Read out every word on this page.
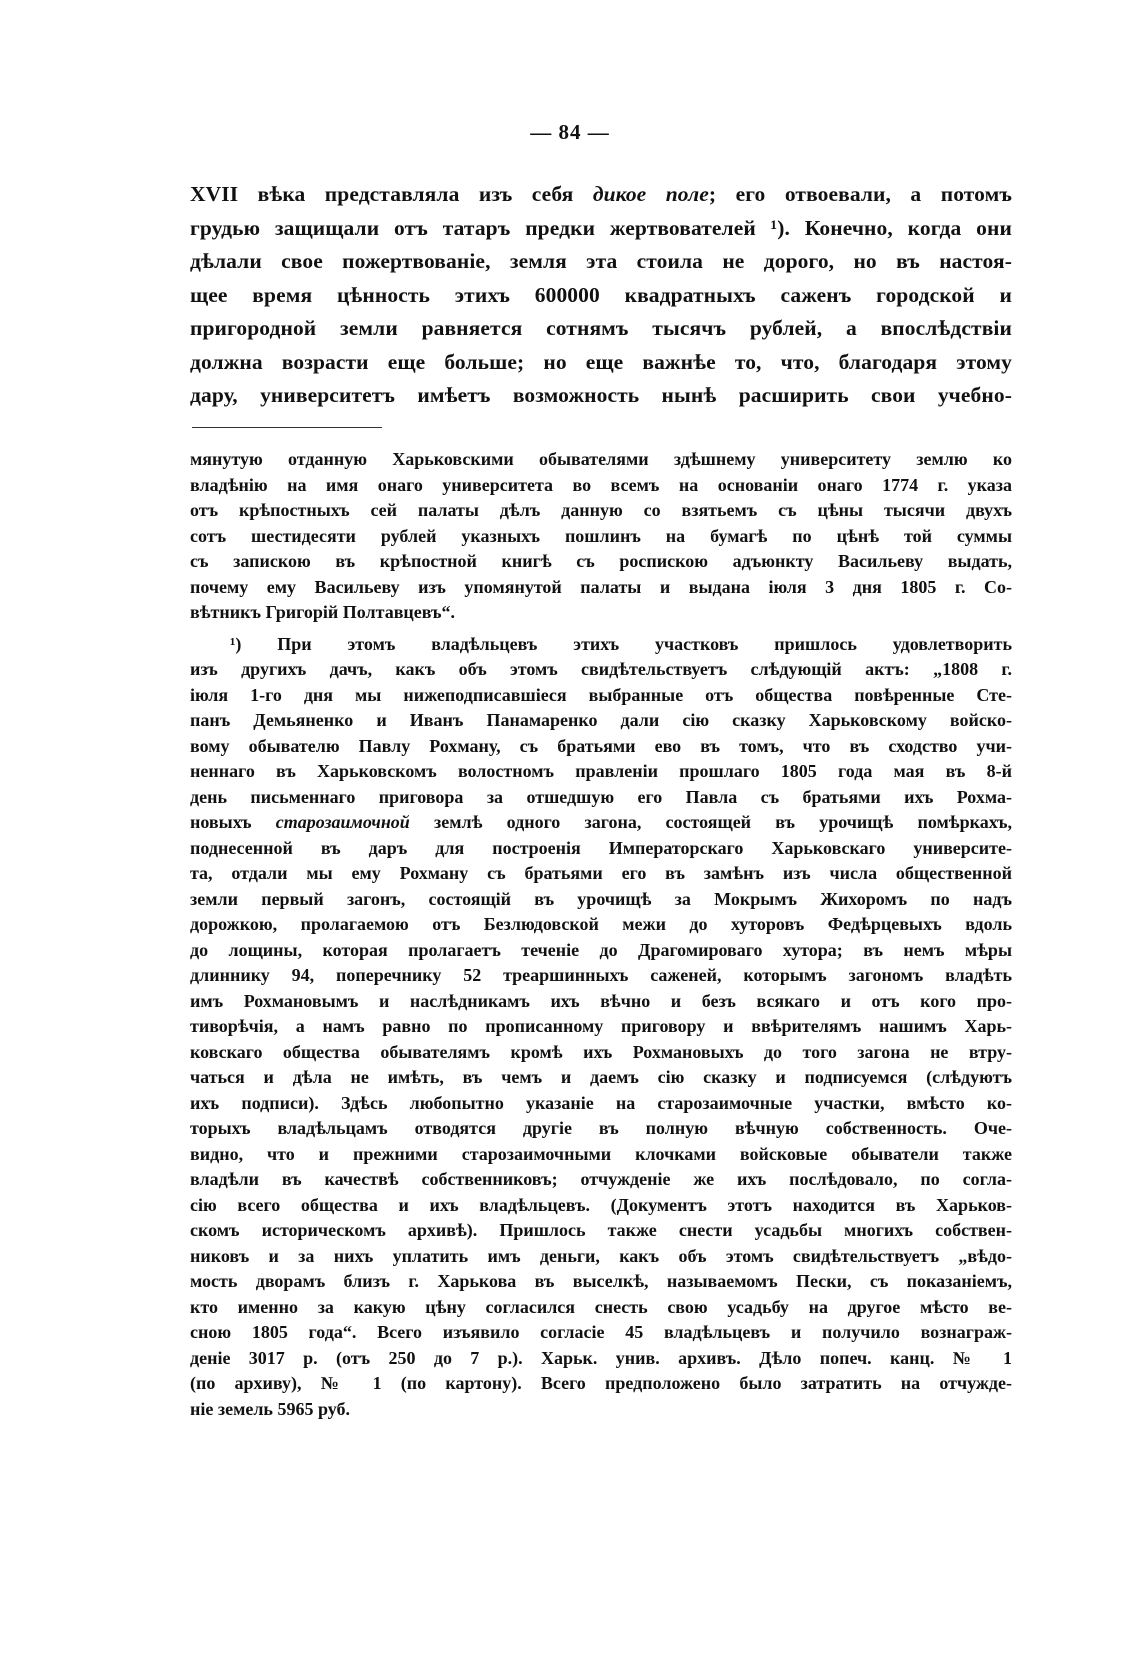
— 84 —
XVII вѣка представляла изъ себя дикое поле; его отвоевали, а потомъ
грудью защищали отъ татаръ предки жертвователей ¹). Конечно, когда они
дѣлали свое пожертвованіе, земля эта стоила не дорого, но въ настоя-
щее время цѣнность этихъ 600000 квадратныхъ саженъ городской и
пригородной земли равняется сотнямъ тысячъ рублей, а впослѣдствіи
должна возрасти еще больше; но еще важнѣе то, что, благодаря этому
дару, университетъ имѣетъ возможность нынѣ расширить свои учебно-
мянутую отданную Харьковскими обывателями здѣшнему университету землю ко
владѣнію на имя онаго университета во всемъ на основаніи онаго 1774 г. указа
отъ крѣпостныхъ сей палаты дѣлъ данную со взятьемъ съ цѣны тысячи двухъ
сотъ шестидесяти рублей указныхъ пошлинъ на бумагѣ по цѣнѣ той суммы
съ запискою въ крѣпостной книгѣ съ роспискою адъюнкту Васильеву выдать,
почему ему Васильеву изъ упомянутой палаты и выдана іюля 3 дня 1805 г. Со-
вѣтникъ Григорій Полтавцевъ“.
¹) При этомъ владѣльцевъ этихъ участковъ пришлось удовлетворить
изъ другихъ дачъ, какъ объ этомъ свидѣтельствуетъ слѣдующій актъ: „1808 г.
іюля 1-го дня мы нижеподписавшіеся выбранные отъ общества повѣренные Сте-
панъ Демьяненко и Иванъ Панамаренко дали сію сказку Харьковскому войско-
вому обывателю Павлу Рохману, съ братьями ево въ томъ, что въ сходство учи-
неннаго въ Харьковскомъ волостномъ правленіи прошлаго 1805 года мая въ 8-й
день письменнаго приговора за отшедшую его Павла съ братьями ихъ Рохма-
новыхъ старозаимочной землѣ одного загона, состоящей въ урочищѣ помѣркахъ,
поднесенной въ даръ для построенія Императорскаго Харьковскаго университе-
та, отдали мы ему Рохману съ братьями его въ замѣнъ изъ числа общественной
земли первый загонъ, состоящій въ урочищѣ за Мокрымъ Жихоромъ по надъ
дорожкою, пролагаемою отъ Безлюдовской межи до хуторовъ Федѣрцевыхъ вдоль
до лощины, которая пролагаетъ теченіе до Драгомироваго хутора; въ немъ мѣры
длиннику 94, поперечнику 52 треаршинныхъ саженей, которымъ загономъ владѣть
имъ Рохмановымъ и наслѣдникамъ ихъ вѣчно и безъ всякаго и отъ кого про-
тиворѣчія, а намъ равно по прописанному приговору и ввѣрителямъ нашимъ Харь-
ковскаго общества обывателямъ кромѣ ихъ Рохмановыхъ до того загона не втру-
чаться и дѣла не имѣть, въ чемъ и даемъ сію сказку и подписуемся (слѣдуютъ
ихъ подписи). Здѣсь любопытно указаніе на старозаимочные участки, вмѣсто ко-
торыхъ владѣльцамъ отводятся другіе въ полную вѣчную собственность. Оче-
видно, что и прежними старозаимочными клочками войсковые обыватели также
владѣли въ качествѣ собственниковъ; отчужденіе же ихъ послѣдовало, по согла-
сію всего общества и ихъ владѣльцевъ. (Документъ этотъ находится въ Харьков-
скомъ историческомъ архивѣ). Пришлось также снести усадьбы многихъ собствен-
никовъ и за нихъ уплатить имъ деньги, какъ объ этомъ свидѣтельствуетъ „вѣдо-
мость дворамъ близъ г. Харькова въ выселкѣ, называемомъ Пески, съ показаніемъ,
кто именно за какую цѣну согласился снесть свою усадьбу на другое мѣсто ве-
сною 1805 года“. Всего изъявило согласіе 45 владѣльцевъ и получило вознаграж-
деніе 3017 р. (отъ 250 до 7 р.). Харьк. унив. архивъ. Дѣло попеч. канц. № 1
(по архиву), № 1 (по картону). Всего предположено было затратить на отчужде-
ніе земель 5965 руб.
